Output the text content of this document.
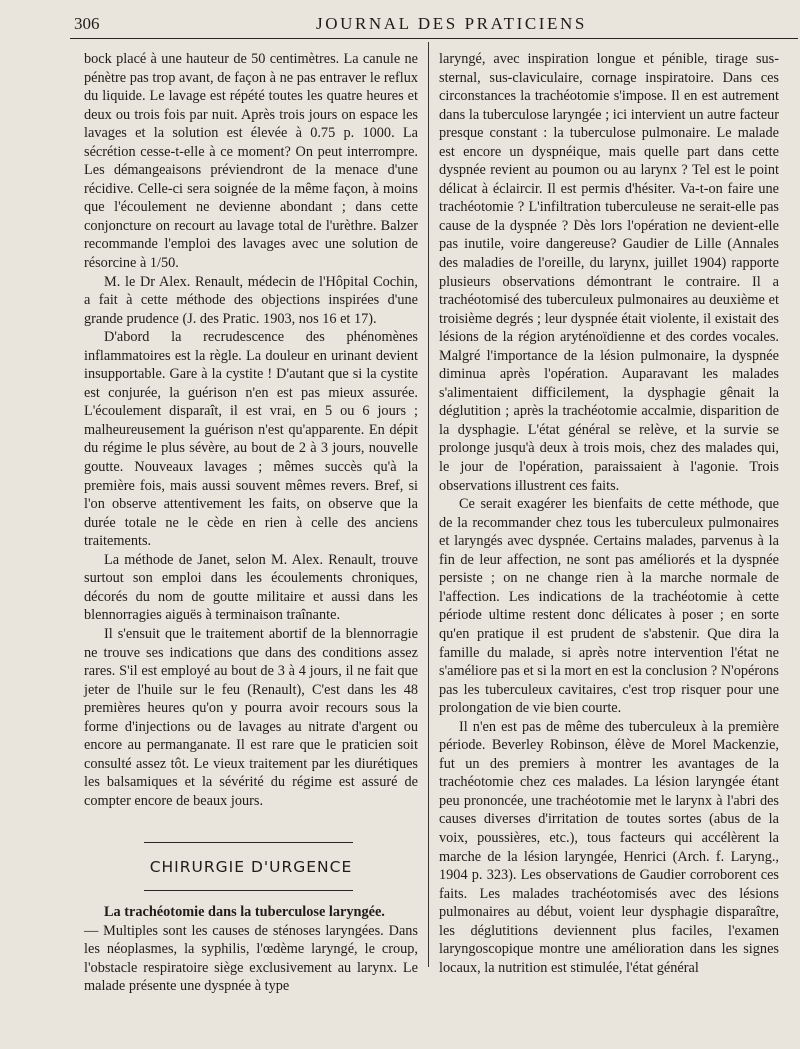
306	JOURNAL DES PRATICIENS

bock placé à une hauteur de 50 centimètres. La canule ne pénètre pas trop avant, de façon à ne pas entraver le reflux du liquide. Le lavage est répété toutes les quatre heures et deux ou trois fois par nuit. Après trois jours on espace les lavages et la solution est élevée à 0.75 p. 1000. La sécrétion cesse-t-elle à ce moment? On peut interrompre. Les démangeaisons préviendront de la menace d'une récidive. Celle-ci sera soignée de la même façon, à moins que l'écoulement ne devienne abondant ; dans cette conjoncture on recourt au lavage total de l'urèthre. Balzer recommande l'emploi des lavages avec une solution de résorcine à 1/50.

M. le Dr Alex. Renault, médecin de l'Hôpital Cochin, a fait à cette méthode des objections inspirées d'une grande prudence (J. des Pratic. 1903, nos 16 et 17).

D'abord la recrudescence des phénomènes inflammatoires est la règle. La douleur en urinant devient insupportable. Gare à la cystite ! D'autant que si la cystite est conjurée, la guérison n'en est pas mieux assurée. L'écoulement disparaît, il est vrai, en 5 ou 6 jours ; malheureusement la guérison n'est qu'apparente. En dépit du régime le plus sévère, au bout de 2 à 3 jours, nouvelle goutte. Nouveaux lavages ; mêmes succès qu'à la première fois, mais aussi souvent mêmes revers. Bref, si l'on observe attentivement les faits, on observe que la durée totale ne le cède en rien à celle des anciens traitements.

La méthode de Janet, selon M. Alex. Renault, trouve surtout son emploi dans les écoulements chroniques, décorés du nom de goutte militaire et aussi dans les blennorragies aiguës à terminaison traînante.

Il s'ensuit que le traitement abortif de la blennorragie ne trouve ses indications que dans des conditions assez rares. S'il est employé au bout de 3 à 4 jours, il ne fait que jeter de l'huile sur le feu (Renault), C'est dans les 48 premières heures qu'on y pourra avoir recours sous la forme d'injections ou de lavages au nitrate d'argent ou encore au permanganate. Il est rare que le praticien soit consulté assez tôt. Le vieux traitement par les diurétiques les balsamiques et la sévérité du régime est assuré de compter encore de beaux jours.

CHIRURGIE D'URGENCE

La trachéotomie dans la tuberculose laryngée.

— Multiples sont les causes de sténoses laryngées. Dans les néoplasmes, la syphilis, l'œdème laryngé, le croup, l'obstacle respiratoire siège exclusivement au larynx. Le malade présente une dyspnée à type

laryngé, avec inspiration longue et pénible, tirage sus-sternal, sus-claviculaire, cornage inspiratoire. Dans ces circonstances la trachéotomie s'impose. Il en est autrement dans la tuberculose laryngée ; ici intervient un autre facteur presque constant : la tuberculose pulmonaire. Le malade est encore un dyspnéique, mais quelle part dans cette dyspnée revient au poumon ou au larynx ? Tel est le point délicat à éclaircir. Il est permis d'hésiter. Va-t-on faire une trachéotomie ? L'infiltration tuberculeuse ne serait-elle pas cause de la dyspnée ? Dès lors l'opération ne devient-elle pas inutile, voire dangereuse? Gaudier de Lille (Annales des maladies de l'oreille, du larynx, juillet 1904) rapporte plusieurs observations démontrant le contraire. Il a trachéotomisé des tuberculeux pulmonaires au deuxième et troisième degrés ; leur dyspnée était violente, il existait des lésions de la région aryténoïdienne et des cordes vocales. Malgré l'importance de la lésion pulmonaire, la dyspnée diminua après l'opération. Auparavant les malades s'alimentaient difficilement, la dysphagie gênait la déglutition ; après la trachéotomie accalmie, disparition de la dysphagie. L'état général se relève, et la survie se prolonge jusqu'à deux à trois mois, chez des malades qui, le jour de l'opération, paraissaient à l'agonie. Trois observations illustrent ces faits.

Ce serait exagérer les bienfaits de cette méthode, que de la recommander chez tous les tuberculeux pulmonaires et laryngés avec dyspnée. Certains malades, parvenus à la fin de leur affection, ne sont pas améliorés et la dyspnée persiste ; on ne change rien à la marche normale de l'affection. Les indications de la trachéotomie à cette période ultime restent donc délicates à poser ; en sorte qu'en pratique il est prudent de s'abstenir. Que dira la famille du malade, si après notre intervention l'état ne s'améliore pas et si la mort en est la conclusion ? N'opérons pas les tuberculeux cavitaires, c'est trop risquer pour une prolongation de vie bien courte.

Il n'en est pas de même des tuberculeux à la première période. Beverley Robinson, élève de Morel Mackenzie, fut un des premiers à montrer les avantages de la trachéotomie chez ces malades. La lésion laryngée étant peu prononcée, une trachéotomie met le larynx à l'abri des causes diverses d'irritation de toutes sortes (abus de la voix, poussières, etc.), tous facteurs qui accélèrent la marche de la lésion laryngée, Henrici (Arch. f. Laryng., 1904 p. 323). Les observations de Gaudier corroborent ces faits. Les malades trachéotomisés avec des lésions pulmonaires au début, voient leur dysphagie disparaître, les déglutitions deviennent plus faciles, l'examen laryngoscopique montre une amélioration dans les signes locaux, la nutrition est stimulée, l'état général
